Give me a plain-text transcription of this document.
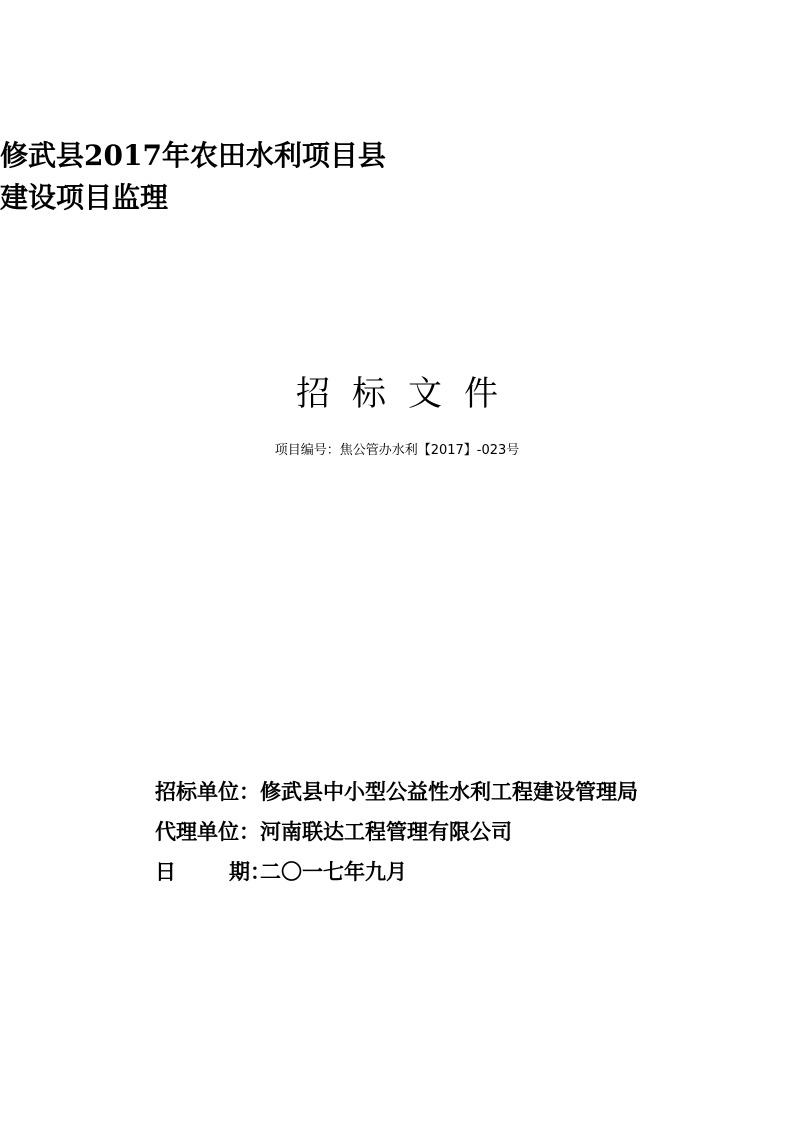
修武县2017年农田水利项目县
建设项目监理
招标文件
项目编号：焦公管办水利【2017】-023号
招标单位：修武县中小型公益性水利工程建设管理局
代理单位：河南联达工程管理有限公司
日	期：二〇一七年九月
